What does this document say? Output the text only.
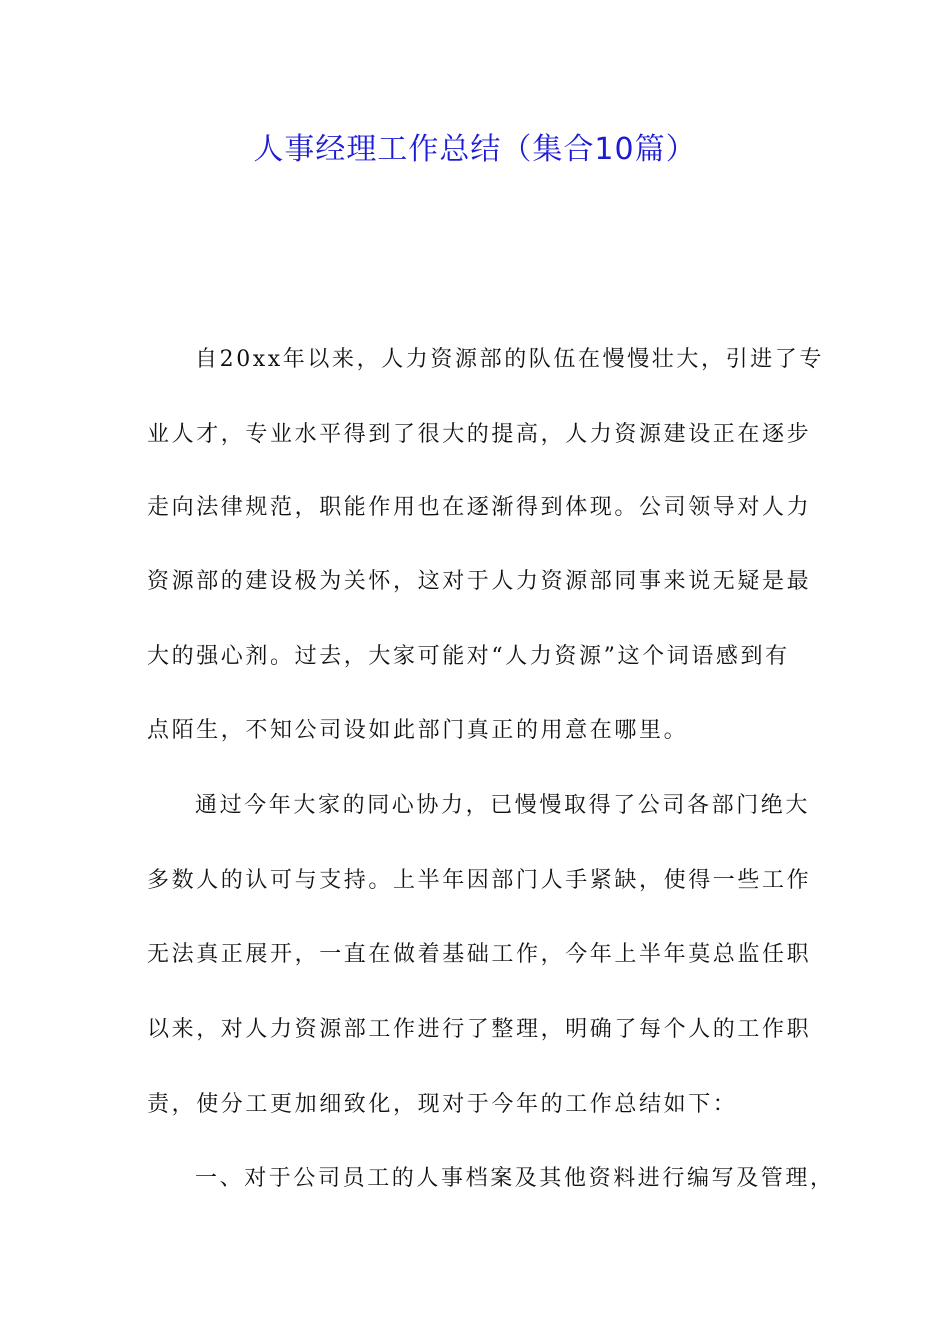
人事经理工作总结（集合10篇）
自20xx年以来，人力资源部的队伍在慢慢壮大，引进了专
业人才，专业水平得到了很大的提高，人力资源建设正在逐步
走向法律规范，职能作用也在逐渐得到体现。公司领导对人力
资源部的建设极为关怀，这对于人力资源部同事来说无疑是最
大的强心剂。过去，大家可能对“人力资源”这个词语感到有
点陌生，不知公司设如此部门真正的用意在哪里。
通过今年大家的同心协力，已慢慢取得了公司各部门绝大
多数人的认可与支持。上半年因部门人手紧缺，使得一些工作
无法真正展开，一直在做着基础工作，今年上半年莫总监任职
以来，对人力资源部工作进行了整理，明确了每个人的工作职
责，使分工更加细致化，现对于今年的工作总结如下：
一、对于公司员工的人事档案及其他资料进行编写及管理，
